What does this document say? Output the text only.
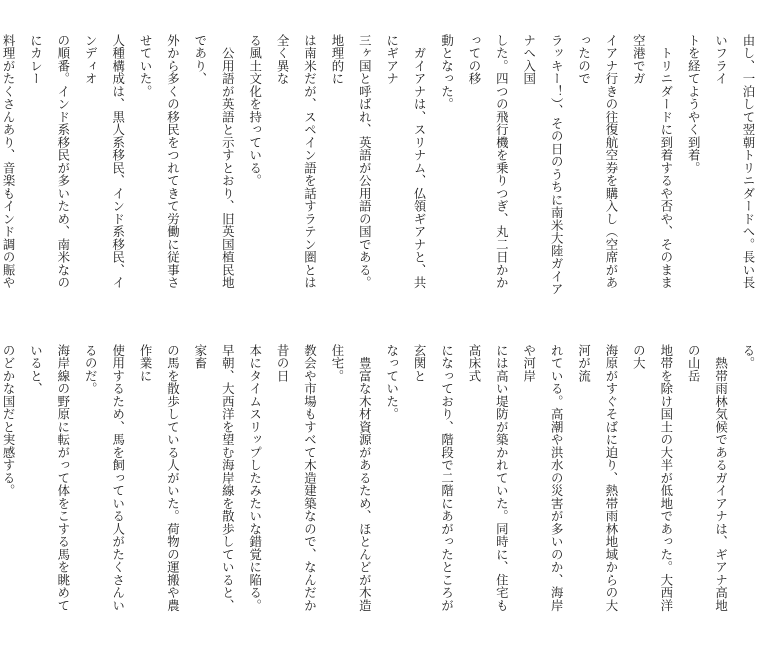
由し、一泊して翌朝トリニダードへ。長い長いフライ

トを経てようやく到着。

　トリニダードに到着するや否や、そのまま空港でガ

イアナ行きの往復航空券を購入し（空席があったので

ラッキー！）、その日のうちに南米大陸ガイアナへ入国

した。四つの飛行機を乗りつぎ、丸二日かかっての移

動となった。

　ガイアナは、スリナム、仏領ギアナと、共にギアナ

三ヶ国と呼ばれ、英語が公用語の国である。地理的に

は南米だが、スペイン語を話すラテン圏とは全く異な

る風土文化を持っている。

　公用語が英語と示すとおり、旧英国植民地であり、

外から多くの移民をつれてきて労働に従事させていた。

人種構成は、黒人系移民、インド系移民、インディオ

の順番。インド系移民が多いため、南米なのにカレー

料理がたくさんあり、音楽もインド調の賑や

る。

　熱帯雨林気候であるガイアナは、ギアナ高地の山岳

地帯を除け国土の大半が低地であった。大西洋の大

海原がすぐそばに迫り、熱帯雨林地域からの大河が流

れている。高潮や洪水の災害が多いのか、海岸や河岸

には高い堤防が築かれていた。同時に、住宅も高床式

になっており、階段で二階にあがったところが玄関と

なっていた。

　豊富な木材資源があるため、ほとんどが木造住宅。

教会や市場もすべて木造建築なので、なんだか昔の日

本にタイムスリップしたみたいな錯覚に陥る。

早朝、大西洋を望む海岸線を散歩していると、家畜

の馬を散歩している人がいた。荷物の運搬や農作業に

使用するため、馬を飼っている人がたくさんいるのだ。

海岸線の野原に転がって体をこする馬を眺めていると、

のどかな国だと実感する。
